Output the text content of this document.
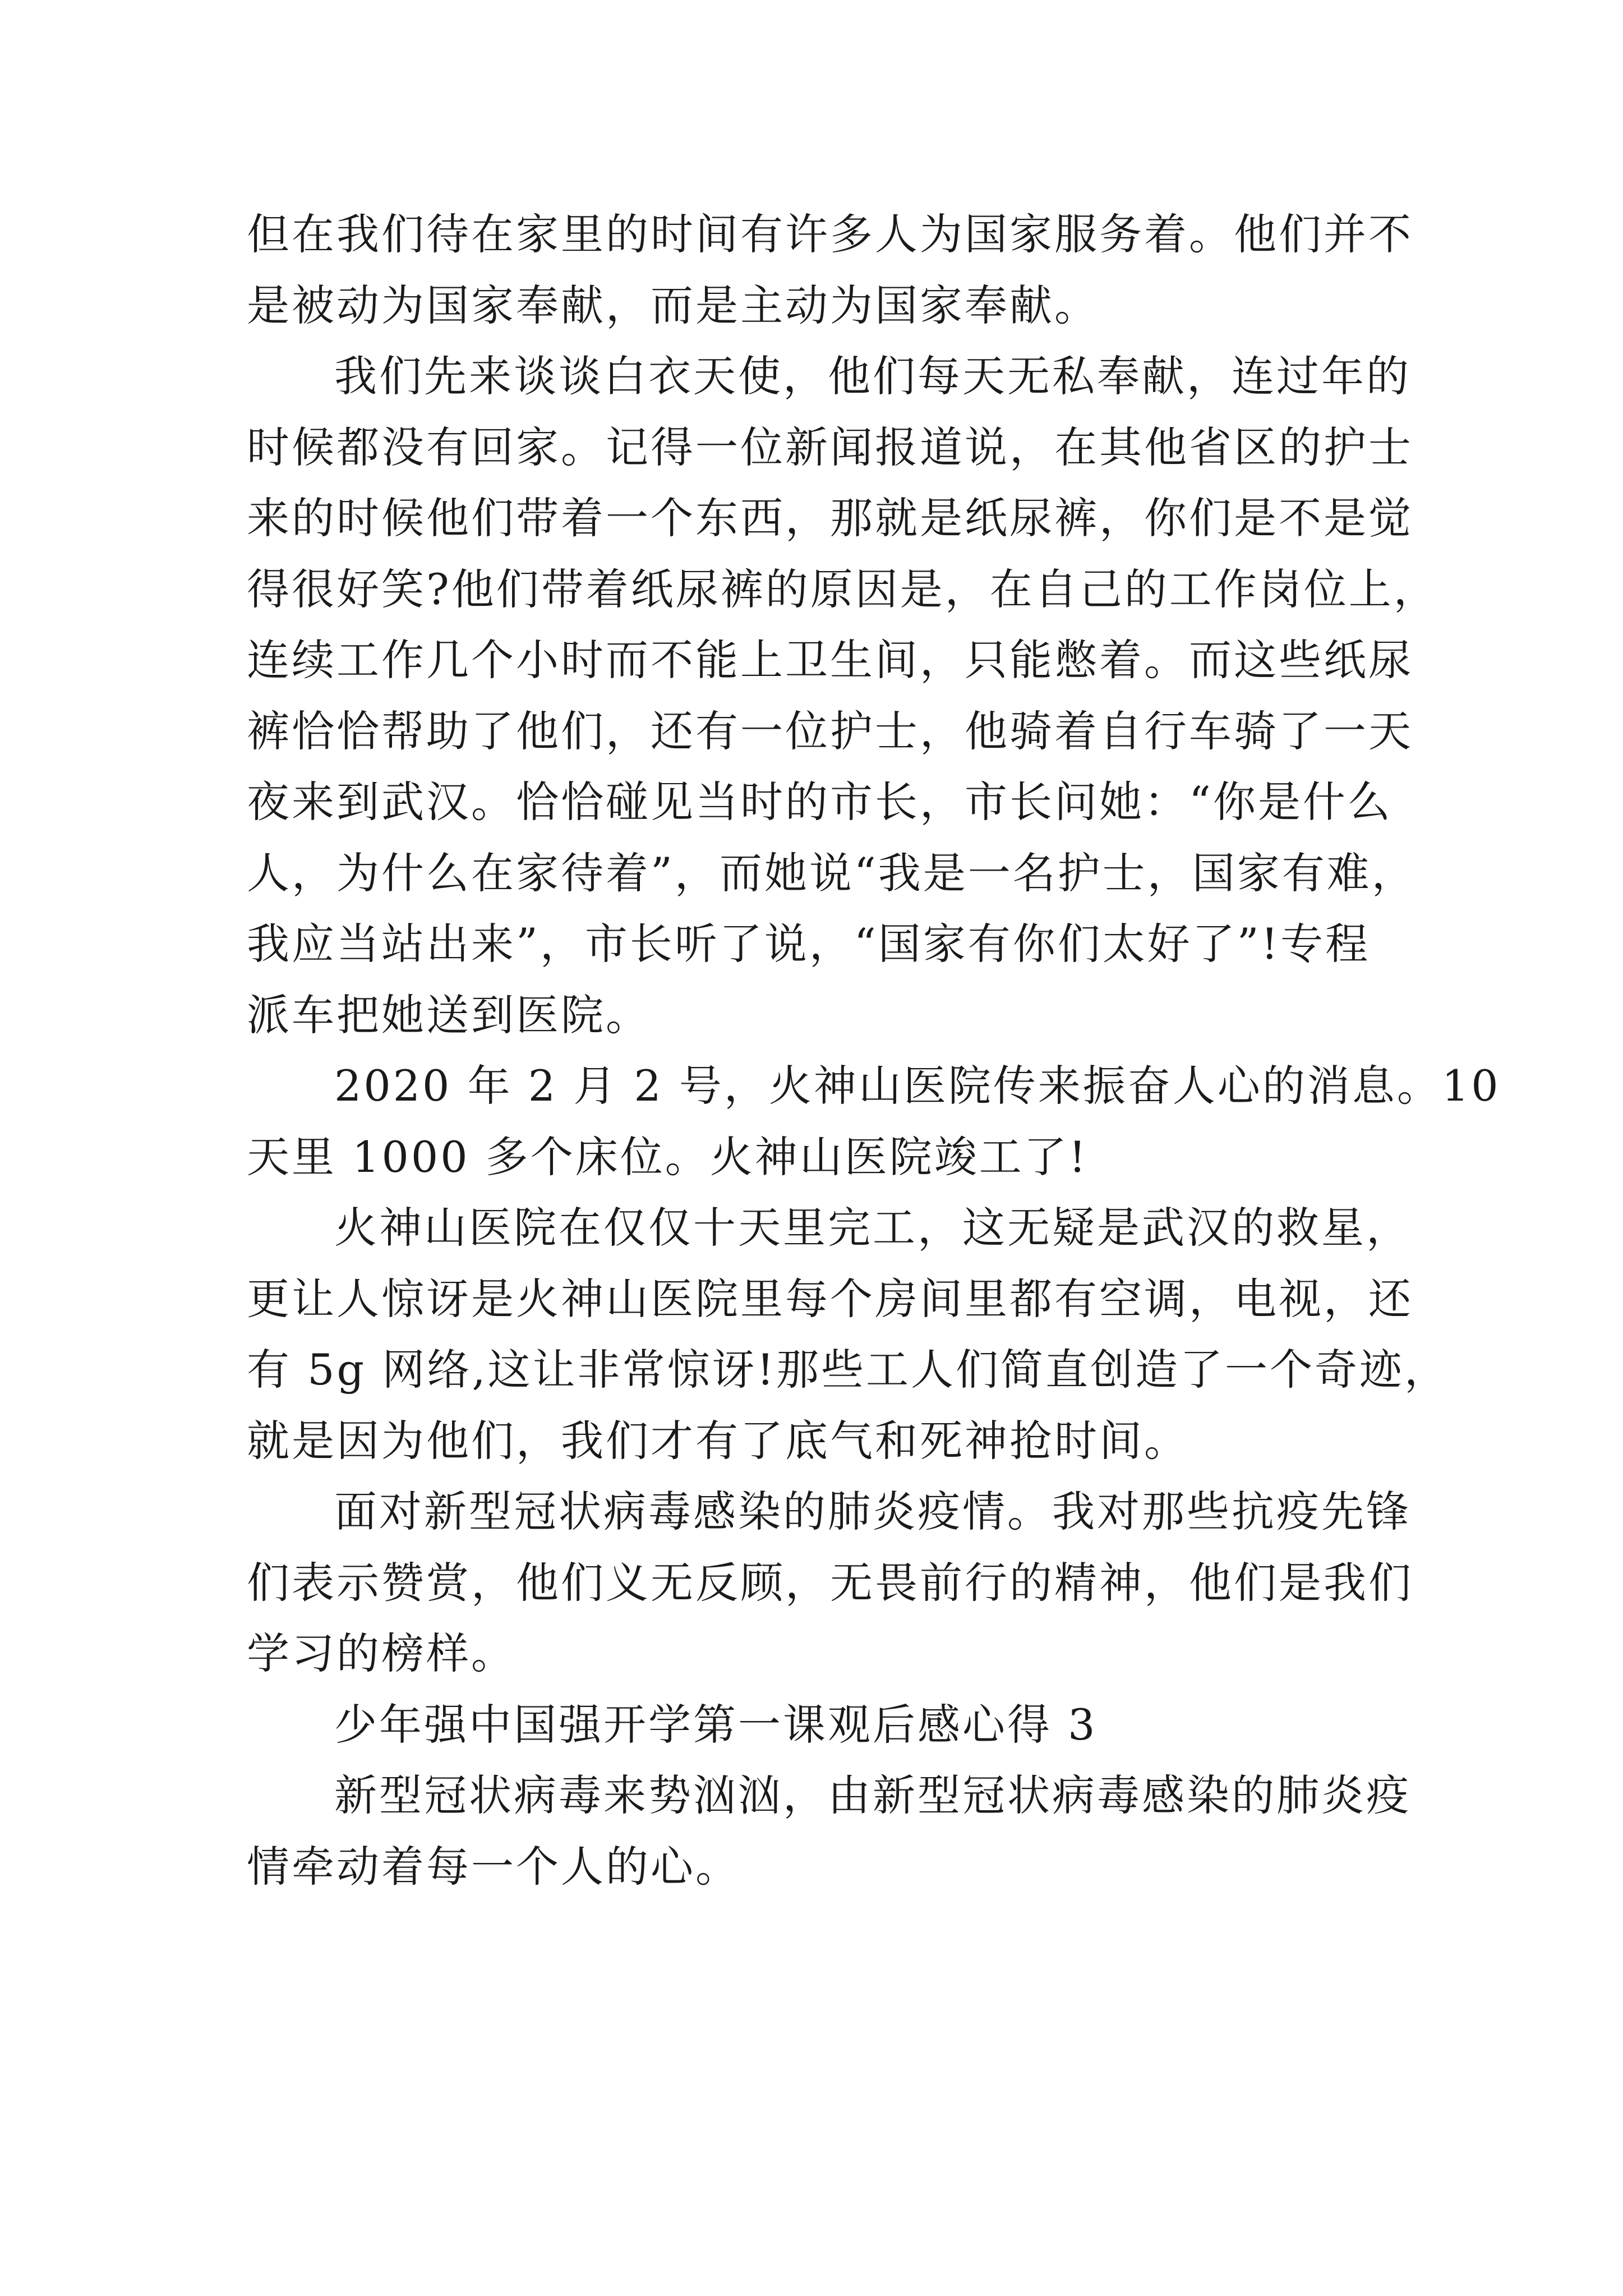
但在我们待在家里的时间有许多人为国家服务着。他们并不
是被动为国家奉献，而是主动为国家奉献。
我们先来谈谈白衣天使，他们每天无私奉献，连过年的
时候都没有回家。记得一位新闻报道说，在其他省区的护士
来的时候他们带着一个东西，那就是纸尿裤，你们是不是觉
得很好笑?他们带着纸尿裤的原因是，在自己的工作岗位上，
连续工作几个小时而不能上卫生间，只能憋着。而这些纸尿
裤恰恰帮助了他们，还有一位护士，他骑着自行车骑了一天
夜来到武汉。恰恰碰见当时的市长，市长问她：“你是什么
人，为什么在家待着”，而她说“我是一名护士，国家有难，
我应当站出来”，市长听了说，“国家有你们太好了”!专程
派车把她送到医院。
2020 年 2 月 2 号，火神山医院传来振奋人心的消息。10
天里 1000 多个床位。火神山医院竣工了!
火神山医院在仅仅十天里完工，这无疑是武汉的救星，
更让人惊讶是火神山医院里每个房间里都有空调，电视，还
有 5g 网络,这让非常惊讶!那些工人们简直创造了一个奇迹，
就是因为他们，我们才有了底气和死神抢时间。
面对新型冠状病毒感染的肺炎疫情。我对那些抗疫先锋
们表示赞赏，他们义无反顾，无畏前行的精神，他们是我们
学习的榜样。
少年强中国强开学第一课观后感心得 3
新型冠状病毒来势汹汹，由新型冠状病毒感染的肺炎疫
情牵动着每一个人的心。
